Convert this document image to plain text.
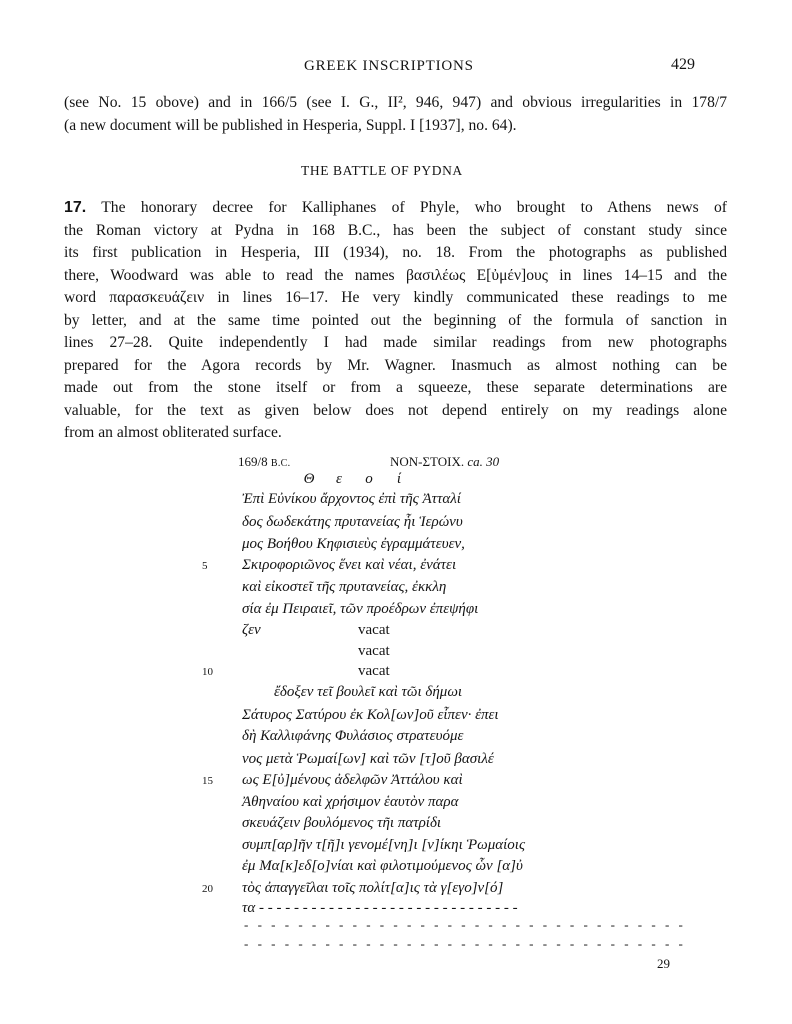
GREEK INSCRIPTIONS	429
(see No. 15 obove) and in 166/5 (see I. G., II², 946, 947) and obvious irregularities in 178/7
(a new document will be published in Hesperia, Suppl. I [1937], no. 64).
THE BATTLE OF PYDNA
17. The honorary decree for Kalliphanes of Phyle, who brought to Athens news of
the Roman victory at Pydna in 168 B.C., has been the subject of constant study since
its first publication in Hesperia, III (1934), no. 18. From the photographs as published
there, Woodward was able to read the names βασιλέως Ε[ὐμέν]ους in lines 14–15 and the
word παρασκευάζειν in lines 16–17. He very kindly communicated these readings to me
by letter, and at the same time pointed out the beginning of the formula of sanction in
lines 27–28. Quite independently I had made similar readings from new photographs
prepared for the Agora records by Mr. Wagner. Inasmuch as almost nothing can be
made out from the stone itself or from a squeeze, these separate determinations are
valuable, for the text as given below does not depend entirely on my readings alone
from an almost obliterated surface.
169/8 B.C.	NON-ΣΤΟΙΧ. ca. 30
Θ ε ο ί
Ἐπὶ Εὐνίκου ἄρχοντος ἐπὶ τῆς Ἀτταλί
δος δωδεκάτης πρυτανείας ἧι Ἱερώνυ
μος Βοήθου Κηφισιεὺς ἐγραμμάτευεν,
5 Σκιροφοριῶνος ἕνει καὶ νέαι, ἐνάτει
καὶ εἰκοστεῖ τῆς πρυτανείας, ἐκκλη
σία ἐμ Πειραιεῖ, τῶν προέδρων ἐπεψήφι
ζεν	vacat
vacat
10	vacat
ἔδοξεν τεῖ βουλεῖ καὶ τῶι δήμωι
Σάτυρος Σατύρου ἐκ Κολ[ων]οῦ εἶπεν· ἐπει
δὴ Καλλιφάνης Φυλάσιος στρατευόμε
νος μετὰ Ῥωμαί[ων] καὶ τῶν [τ]οῦ βασιλέ
15 ως Ε[ὐ]μένους ἀδελφῶν Ἀττάλου καὶ
Ἀθηναίου καὶ χρήσιμον ἑαυτὸν παρα
σκευάζειν βουλόμενος τῆι πατρίδι
συμπ[αρ]ῆν τ[ῆ]ι γενομέ[νη]ι [ν]ίκηι Ῥωμαίοις
ἐμ Μα[κ]εδ[ο]νίαι καὶ φιλοτιμούμενος ὧν [α]ὐ
20 τὸς ἀπαγγεῖλαι τοῖς πολίτ[α]ις τὰ γ[εγο]ν[ό]
τα - - - - - - - - - - - - - - - - - - - - - - - - - - - - - -
- - - - - - - - - - - - - - - - - - - - - - - - - - - - - - - - -
- - - - - - - - - - - - - - - - - - - - - - - - - - - - - - - - -
29
